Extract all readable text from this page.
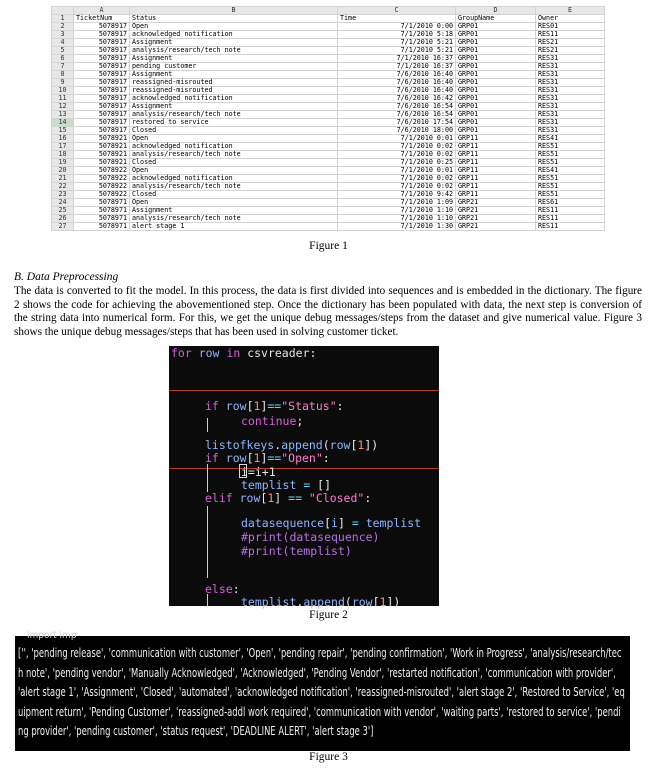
	A	B	C	D	E
1	TicketNum	Status	Time	GroupName	Owner
2	5078917	Open	7/1/2010 0:00	GRP01	RES01
3	5078917	acknowledged notification	7/1/2010 5:18	GRP01	RES11
4	5078917	Assignment	7/1/2010 5:21	GRP01	RES21
5	5078917	analysis/research/tech note	7/1/2010 5:21	GRP01	RES21
6	5078917	Assignment	7/1/2010 16:37	GRP01	RES31
7	5078917	pending customer	7/1/2010 16:37	GRP01	RES31
8	5078917	Assignment	7/6/2010 16:40	GRP01	RES31
9	5078917	reassigned-misrouted	7/6/2010 16:40	GRP01	RES31
10	5078917	reassigned-misrouted	7/6/2010 16:40	GRP01	RES31
11	5078917	acknowledged notification	7/6/2010 16:42	GRP01	RES31
12	5078917	Assignment	7/6/2010 16:54	GRP01	RES31
13	5078917	analysis/research/tech note	7/6/2010 16:54	GRP01	RES31
14	5078917	restored to service	7/6/2010 17:54	GRP01	RES31
15	5078917	Closed	7/6/2010 18:00	GRP01	RES31
16	5078921	Open	7/1/2010 0:01	GRP11	RES41
17	5078921	acknowledged notification	7/1/2010 0:02	GRP11	RES51
18	5078921	analysis/research/tech note	7/1/2010 0:02	GRP11	RES51
19	5078921	Closed	7/1/2010 0:25	GRP11	RES51
20	5078922	Open	7/1/2010 0:01	GRP11	RES41
21	5078922	acknowledged notification	7/1/2010 0:02	GRP11	RES51
22	5078922	analysis/research/tech note	7/1/2010 0:02	GRP11	RES51
23	5078922	Closed	7/1/2010 9:42	GRP11	RES51
24	5078971	Open	7/1/2010 1:09	GRP21	RES61
25	5078971	Assignment	7/1/2010 1:10	GRP21	RES11
26	5078971	analysis/research/tech note	7/1/2010 1:10	GRP21	RES11
27	5078971	alert stage 1	7/1/2010 1:30	GRP21	RES11
Figure 1
B. Data Preprocessing

The data is converted to fit the model. In this process, the data is first divided into sequences and is embedded in the dictionary. The figure 2 shows the code for achieving the abovementioned step. Once the dictionary has been populated with data, the next step is conversion of the string data into numerical form. For this, we get the unique debug messages/steps from the dataset and give numerical value. Figure 3 shows the unique debug messages/steps that has been used in solving customer ticket.

for row in csvreader:
if row[1]=="Status":
continue;
listofkeys.append(row[1])
if row[1]=="Open":
i=i+1
templist = []
elif row[1] == "Closed":
datasequence[i] = templist
#print(datasequence)
#print(templist)
else:
templist.append(row[1])
Figure 2
import imp
['', 'pending release', 'communication with customer', 'Open', 'pending repair', 'pending confirmation', 'Work in Progress', 'analysis/research/tech note', 'pending vendor', 'Manually Acknowledged', 'Acknowledged', 'Pending Vendor', 'restarted notification', 'communication with provider', 'alert stage 1', 'Assignment', 'Closed', 'automated', 'acknowledged notification', 'reassigned-misrouted', 'alert stage 2', 'Restored to Service', 'equipment return', 'Pending Customer', 'reassigned-addl work required', 'communication with vendor', 'waiting parts', 'restored to service', 'pending provider', 'pending customer', 'status request', 'DEADLINE ALERT', 'alert stage 3']
Figure 3
